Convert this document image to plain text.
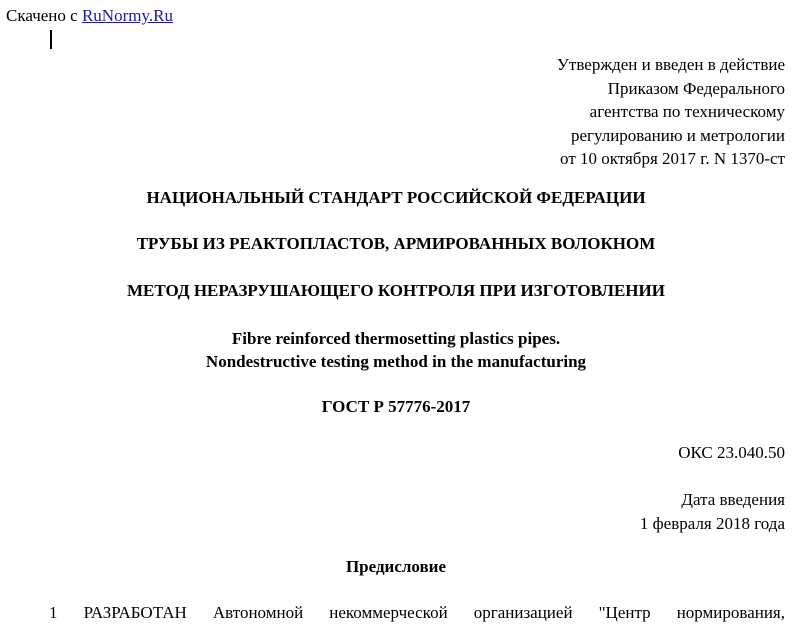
Скачено с RuNormy.Ru
Утвержден и введен в действие
Приказом Федерального
агентства по техническому
регулированию и метрологии
от 10 октября 2017 г. N 1370-ст
НАЦИОНАЛЬНЫЙ СТАНДАРТ РОССИЙСКОЙ ФЕДЕРАЦИИ
ТРУБЫ ИЗ РЕАКТОПЛАСТОВ, АРМИРОВАННЫХ ВОЛОКНОМ
МЕТОД НЕРАЗРУШАЮЩЕГО КОНТРОЛЯ ПРИ ИЗГОТОВЛЕНИИ
Fibre reinforced thermosetting plastics pipes.
Nondestructive testing method in the manufacturing
ГОСТ Р 57776-2017
ОКС 23.040.50
Дата введения
1 февраля 2018 года
Предисловие
1 РАЗРАБОТАН Автономной некоммерческой организацией "Центр нормирования,
